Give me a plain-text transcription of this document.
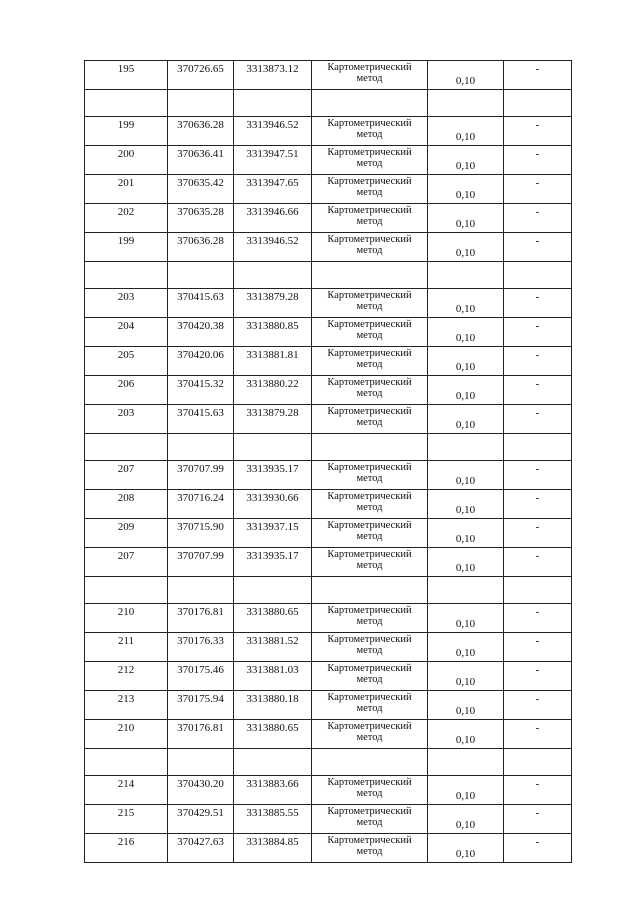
195	370726.65	3313873.12	Картометрический
метод	0,10	-

199	370636.28	3313946.52	Картометрический
метод	0,10	-
200	370636.41	3313947.51	Картометрический
метод	0,10	-
201	370635.42	3313947.65	Картометрический
метод	0,10	-
202	370635.28	3313946.66	Картометрический
метод	0,10	-
199	370636.28	3313946.52	Картометрический
метод	0,10	-

203	370415.63	3313879.28	Картометрический
метод	0,10	-
204	370420.38	3313880.85	Картометрический
метод	0,10	-
205	370420.06	3313881.81	Картометрический
метод	0,10	-
206	370415.32	3313880.22	Картометрический
метод	0,10	-
203	370415.63	3313879.28	Картометрический
метод	0,10	-

207	370707.99	3313935.17	Картометрический
метод	0,10	-
208	370716.24	3313930.66	Картометрический
метод	0,10	-
209	370715.90	3313937.15	Картометрический
метод	0,10	-
207	370707.99	3313935.17	Картометрический
метод	0,10	-

210	370176.81	3313880.65	Картометрический
метод	0,10	-
211	370176.33	3313881.52	Картометрический
метод	0,10	-
212	370175.46	3313881.03	Картометрический
метод	0,10	-
213	370175.94	3313880.18	Картометрический
метод	0,10	-
210	370176.81	3313880.65	Картометрический
метод	0,10	-

214	370430.20	3313883.66	Картометрический
метод	0,10	-
215	370429.51	3313885.55	Картометрический
метод	0,10	-
216	370427.63	3313884.85	Картометрический
метод	0,10	-
